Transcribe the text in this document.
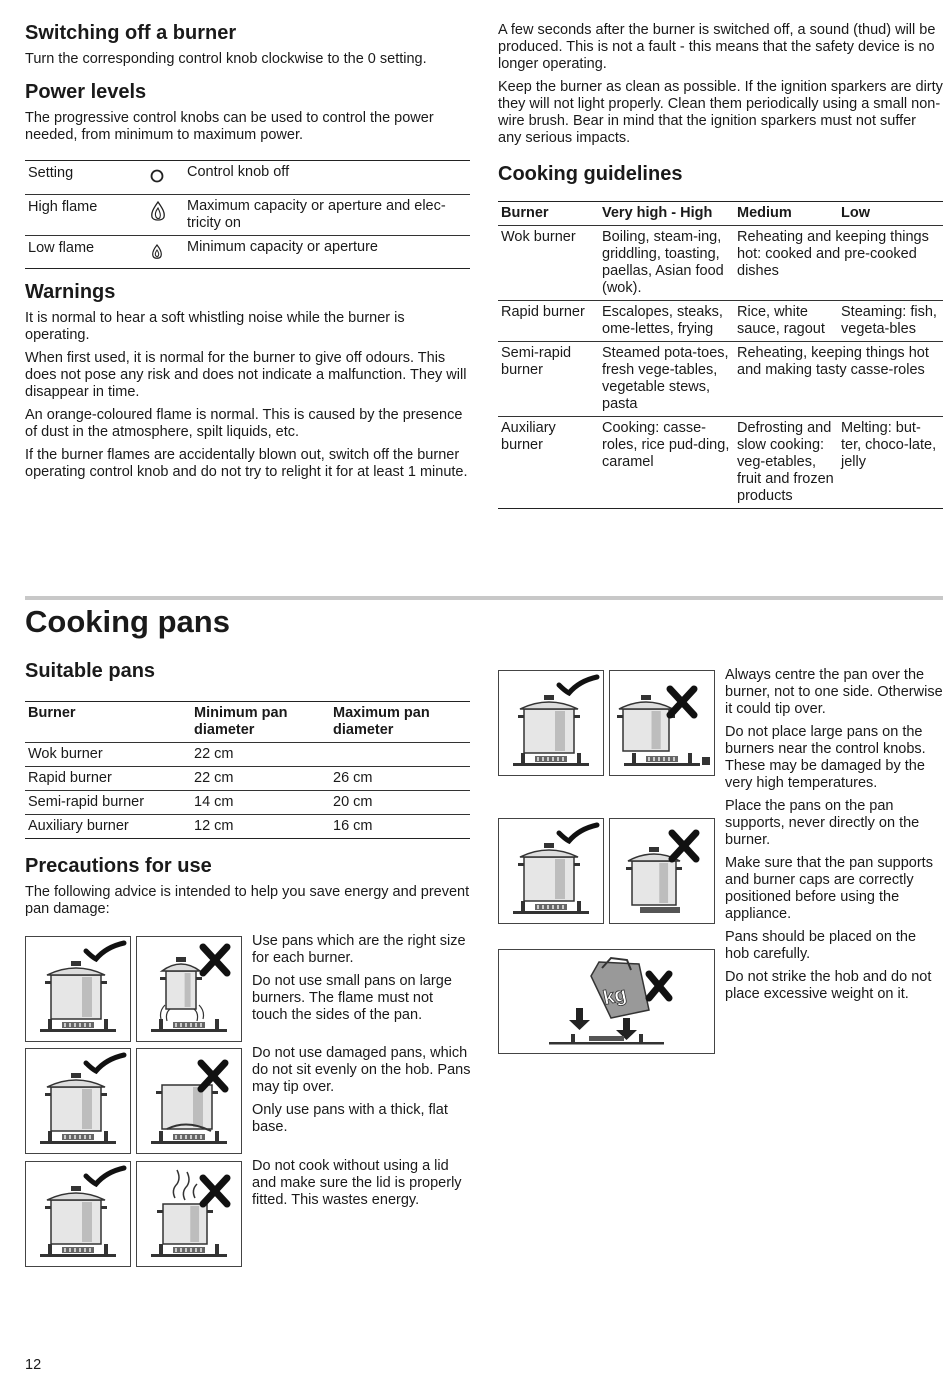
Switching off a burner

Turn the corresponding control knob clockwise to the 0 setting.

Power levels

The progressive control knobs can be used to control the power needed, from minimum to maximum power.

Setting		Control knob off
High flame		Maximum capacity or aperture and elec-tricity on
Low flame		Minimum capacity or aperture
Warnings

It is normal to hear a soft whistling noise while the burner is operating.

When first used, it is normal for the burner to give off odours. This does not pose any risk and does not indicate a malfunction. They will disappear in time.

An orange-coloured flame is normal. This is caused by the presence of dust in the atmosphere, spilt liquids, etc.

If the burner flames are accidentally blown out, switch off the burner operating control knob and do not try to relight it for at least 1 minute.

A few seconds after the burner is switched off, a sound (thud) will be produced. This is not a fault - this means that the safety device is no longer operating.

Keep the burner as clean as possible. If the ignition sparkers are dirty they will not light properly. Clean them periodically using a small non-wire brush. Bear in mind that the ignition sparkers must not suffer any serious impacts.

Cooking guidelines
Burner	Very high - High	Medium	Low
Wok burner	Boiling, steam-ing, griddling, toasting, paellas, Asian food (wok).	Reheating and keeping things hot: cooked and pre-cooked dishes	
Rapid burner	Escalopes, steaks, ome-lettes, frying	Rice, white sauce, ragout	Steaming: fish, vegeta-bles
Semi-rapid burner	Steamed pota-toes, fresh vege-tables, vegetable stews, pasta	Reheating, keeping things hot and making tasty casse-roles	
Auxiliary burner	Cooking: casse-roles, rice pud-ding, caramel	Defrosting and slow cooking: veg-etables, fruit and frozen products	Melting: but-ter, choco-late, jelly
Cooking pans
Suitable pans
Burner	Minimum pan diameter	Maximum pan diameter
Wok burner	22 cm	
Rapid burner	22 cm	26 cm
Semi-rapid burner	14 cm	20 cm
Auxiliary burner	12 cm	16 cm
Precautions for use

The following advice is intended to help you save energy and prevent pan damage:

Use pans which are the right size for each burner.

Do not use small pans on large burners. The flame must not touch the sides of the pan.

Do not use damaged pans, which do not sit evenly on the hob. Pans may tip over.

Only use pans with a thick, flat base.

Do not cook without using a lid and make sure the lid is properly fitted. This wastes energy.

Always centre the pan over the burner, not to one side. Otherwise it could tip over.

Do not place large pans on the burners near the control knobs. These may be damaged by the very high temperatures.

Place the pans on the pan supports, never directly on the burner.

Make sure that the pan supports and burner caps are correctly positioned before using the appliance.

Pans should be placed on the hob carefully.

Do not strike the hob and do not place excessive weight on it.

kg
12
